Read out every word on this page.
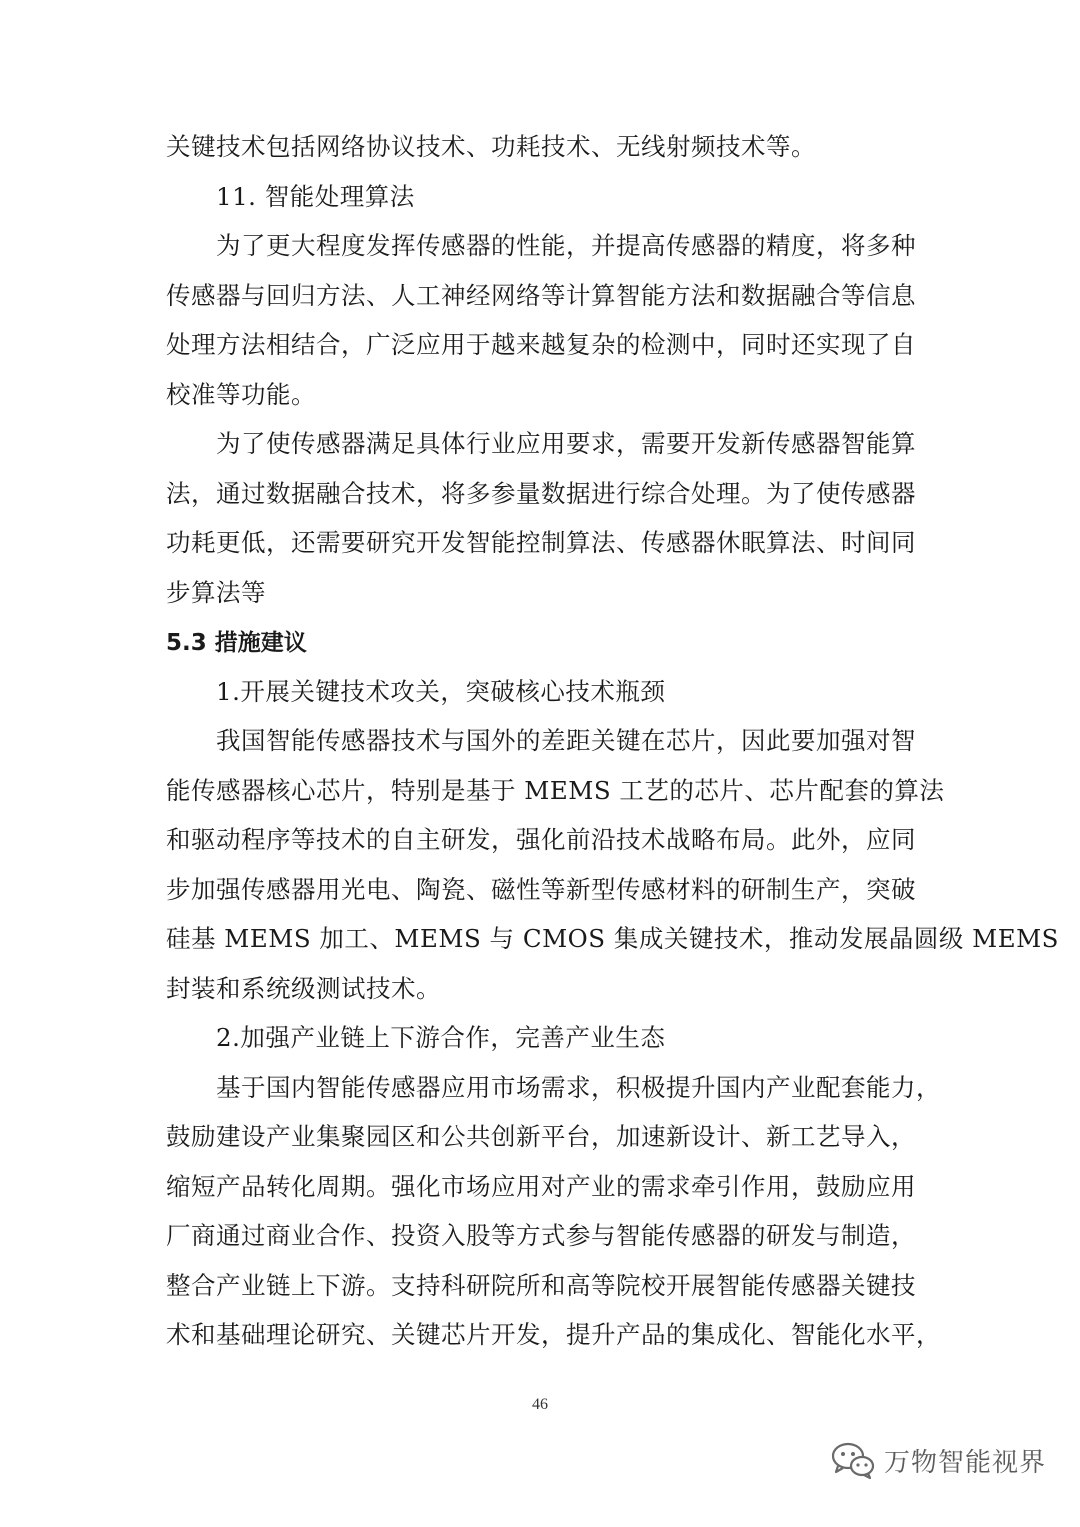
关键技术包括网络协议技术、功耗技术、无线射频技术等。
11. 智能处理算法
为了更大程度发挥传感器的性能，并提高传感器的精度，将多种
传感器与回归方法、人工神经网络等计算智能方法和数据融合等信息
处理方法相结合，广泛应用于越来越复杂的检测中，同时还实现了自
校准等功能。
为了使传感器满足具体行业应用要求，需要开发新传感器智能算
法，通过数据融合技术，将多参量数据进行综合处理。为了使传感器
功耗更低，还需要研究开发智能控制算法、传感器休眠算法、时间同
步算法等
5.3 措施建议
1.开展关键技术攻关，突破核心技术瓶颈
我国智能传感器技术与国外的差距关键在芯片，因此要加强对智
能传感器核心芯片，特别是基于 MEMS 工艺的芯片、芯片配套的算法
和驱动程序等技术的自主研发，强化前沿技术战略布局。此外，应同
步加强传感器用光电、陶瓷、磁性等新型传感材料的研制生产，突破
硅基 MEMS 加工、MEMS 与 CMOS 集成关键技术，推动发展晶圆级 MEMS
封装和系统级测试技术。
2.加强产业链上下游合作，完善产业生态
基于国内智能传感器应用市场需求，积极提升国内产业配套能力，
鼓励建设产业集聚园区和公共创新平台，加速新设计、新工艺导入，
缩短产品转化周期。强化市场应用对产业的需求牵引作用，鼓励应用
厂商通过商业合作、投资入股等方式参与智能传感器的研发与制造，
整合产业链上下游。支持科研院所和高等院校开展智能传感器关键技
术和基础理论研究、关键芯片开发，提升产品的集成化、智能化水平，
46
万物智能视界
